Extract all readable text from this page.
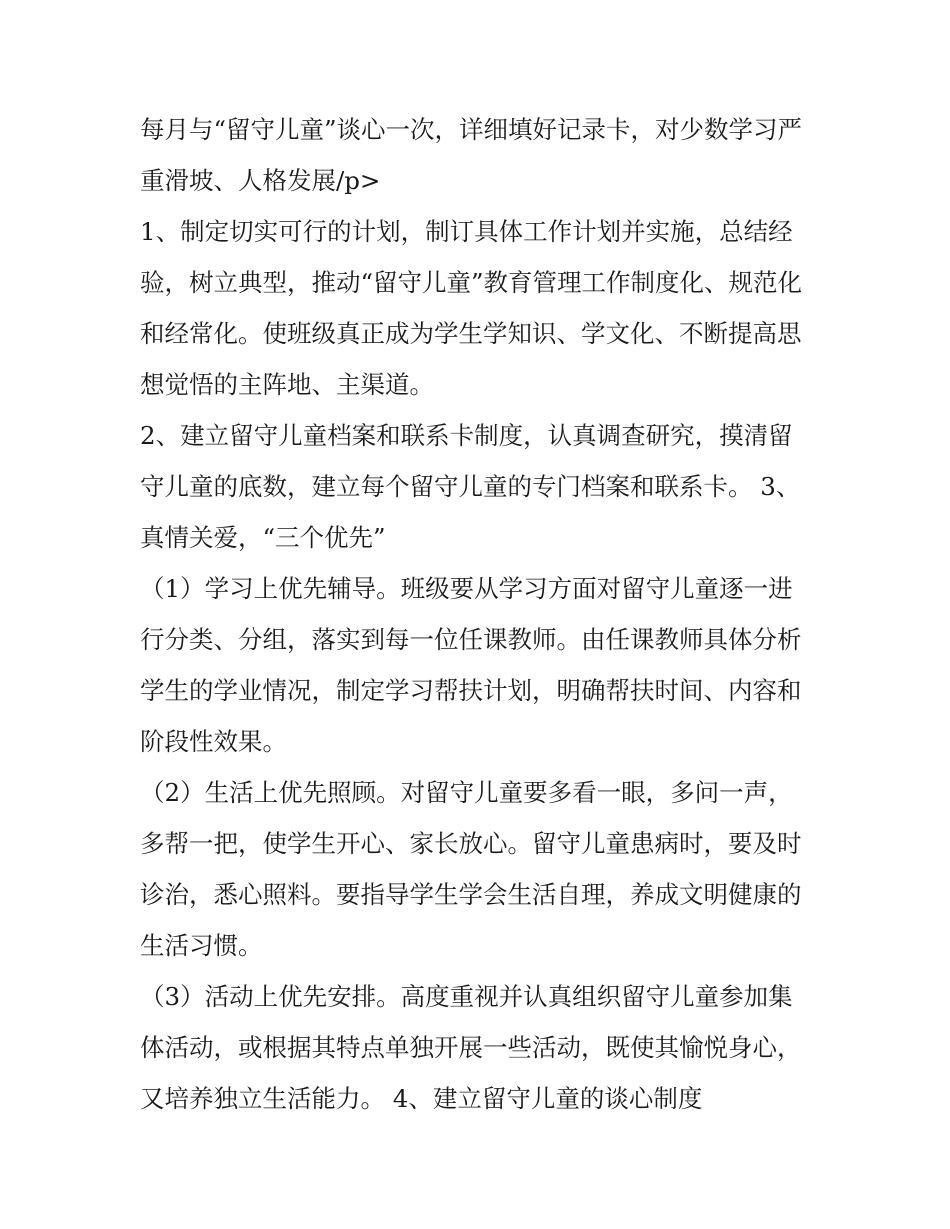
每月与“留守儿童”谈心一次，详细填好记录卡，对少数学习严
重滑坡、人格发展/p>
1、制定切实可行的计划，制订具体工作计划并实施，总结经
验，树立典型，推动“留守儿童”教育管理工作制度化、规范化
和经常化。使班级真正成为学生学知识、学文化、不断提高思
想觉悟的主阵地、主渠道。
2、建立留守儿童档案和联系卡制度，认真调查研究，摸清留
守儿童的底数，建立每个留守儿童的专门档案和联系卡。 3、
真情关爱，“三个优先”
（1）学习上优先辅导。班级要从学习方面对留守儿童逐一进
行分类、分组，落实到每一位任课教师。由任课教师具体分析
学生的学业情况，制定学习帮扶计划，明确帮扶时间、内容和
阶段性效果。
（2）生活上优先照顾。对留守儿童要多看一眼，多问一声，
多帮一把，使学生开心、家长放心。留守儿童患病时，要及时
诊治，悉心照料。要指导学生学会生活自理，养成文明健康的
生活习惯。
（3）活动上优先安排。高度重视并认真组织留守儿童参加集
体活动，或根据其特点单独开展一些活动，既使其愉悦身心，
又培养独立生活能力。 4、建立留守儿童的谈心制度
